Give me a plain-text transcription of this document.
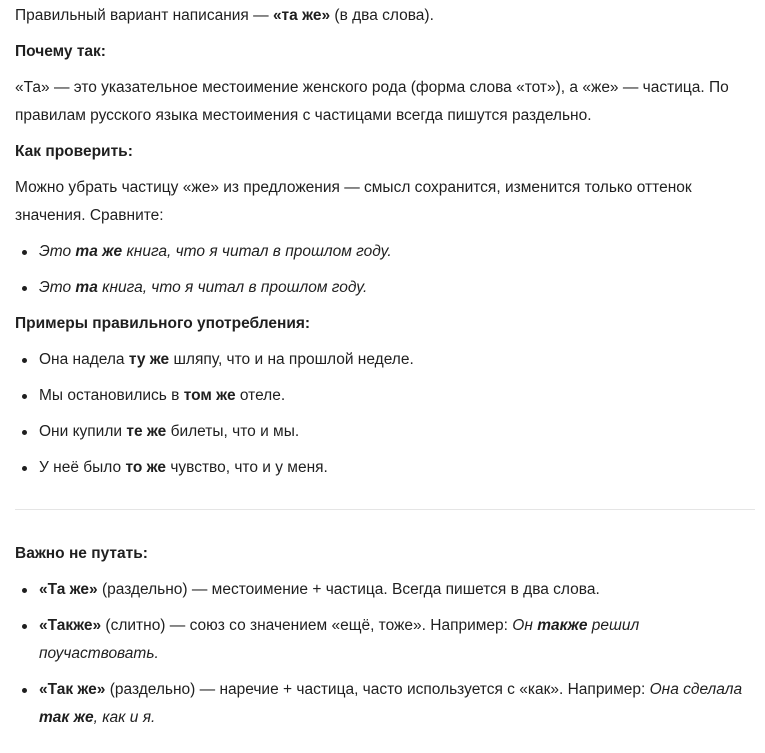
Правильный вариант написания — «та же» (в два слова).

Почему так:

«Та» — это указательное местоимение женского рода (форма слова «тот»), а «же» — частица. По правилам русского языка местоимения с частицами всегда пишутся раздельно.

Как проверить:

Можно убрать частицу «же» из предложения — смысл сохранится, изменится только оттенок значения. Сравните:

Это та же книга, что я читал в прошлом году.
Это та книга, что я читал в прошлом году.

Примеры правильного употребления:

Она надела ту же шляпу, что и на прошлой неделе.
Мы остановились в том же отеле.
Они купили те же билеты, что и мы.
У неё было то же чувство, что и у меня.

Важно не путать:

«Та же» (раздельно) — местоимение + частица. Всегда пишется в два слова.
«Также» (слитно) — союз со значением «ещё, тоже». Например: Он также решил поучаствовать.
«Так же» (раздельно) — наречие + частица, часто используется с «как». Например: Она сделала так же, как и я.
